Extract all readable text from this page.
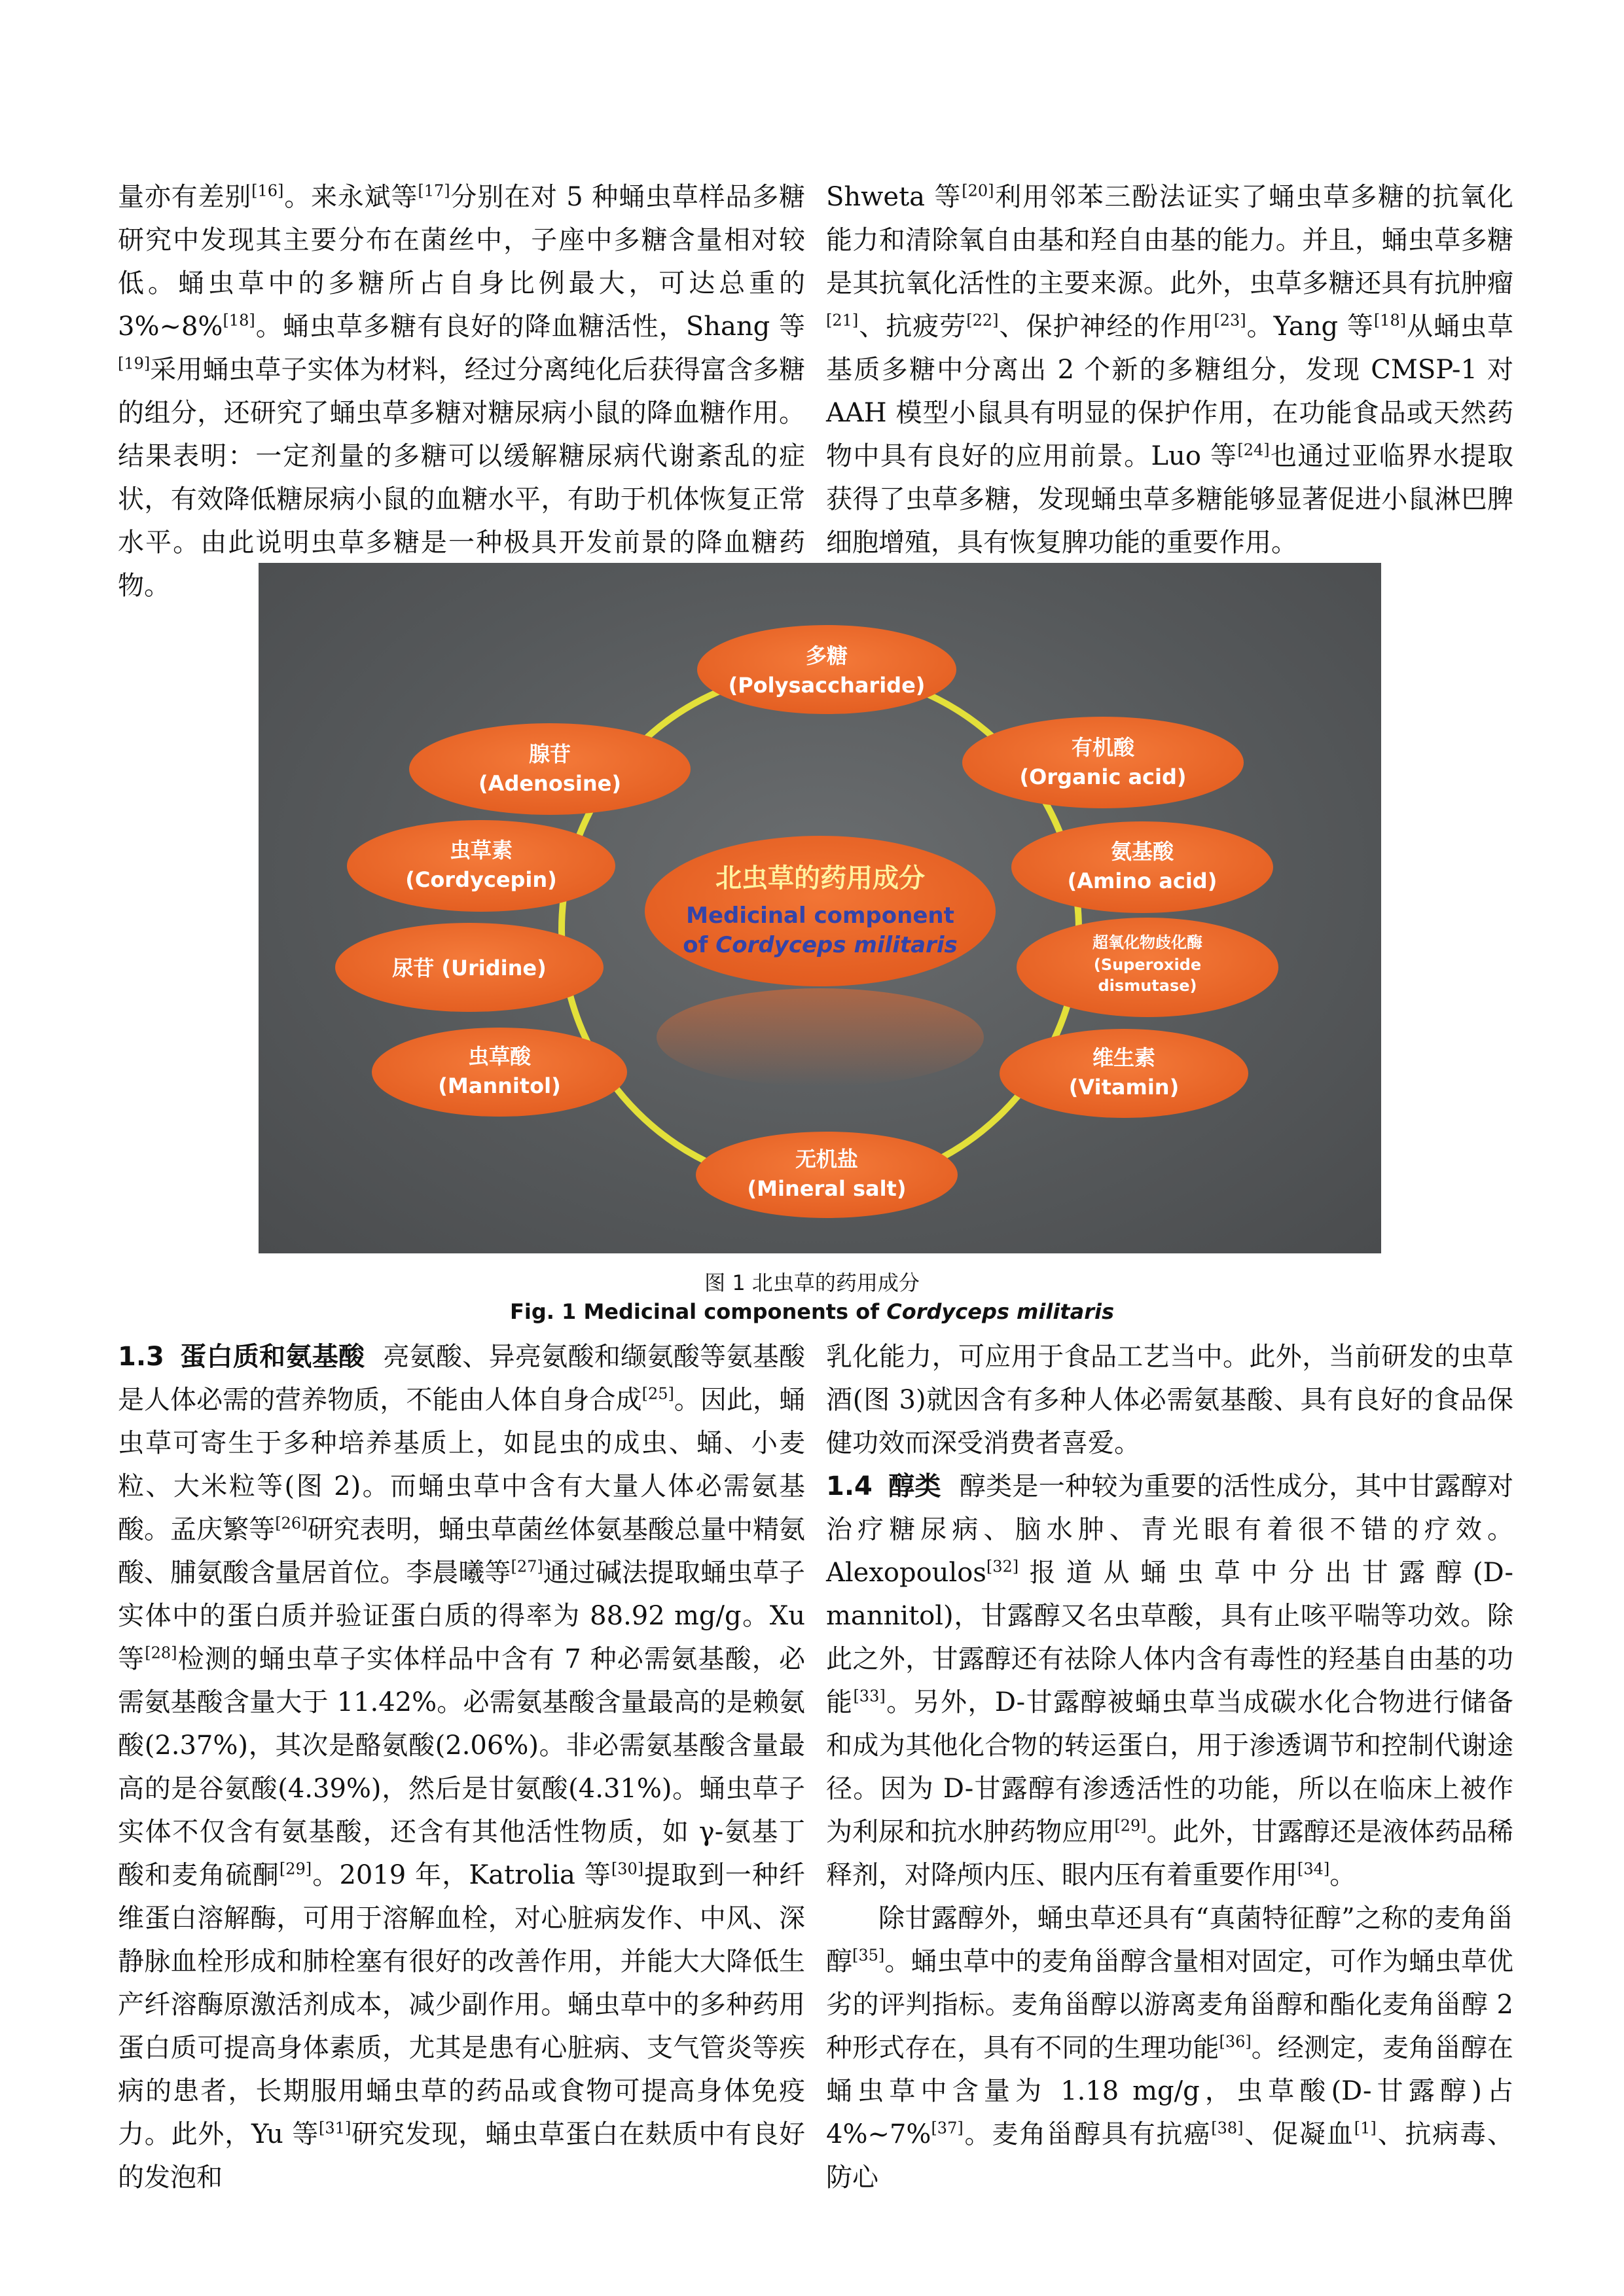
量亦有差别[16]。来永斌等[17]分别在对 5 种蛹虫草样品多糖研究中发现其主要分布在菌丝中，子座中多糖含量相对较低。蛹虫草中的多糖所占自身比例最大，可达总重的 3%~8%[18]。蛹虫草多糖有良好的降血糖活性，Shang 等[19]采用蛹虫草子实体为材料，经过分离纯化后获得富含多糖的组分，还研究了蛹虫草多糖对糖尿病小鼠的降血糖作用。结果表明：一定剂量的多糖可以缓解糖尿病代谢紊乱的症状，有效降低糖尿病小鼠的血糖水平，有助于机体恢复正常水平。由此说明虫草多糖是一种极具开发前景的降血糖药物。

Shweta 等[20]利用邻苯三酚法证实了蛹虫草多糖的抗氧化能力和清除氧自由基和羟自由基的能力。并且，蛹虫草多糖是其抗氧化活性的主要来源。此外，虫草多糖还具有抗肿瘤[21]、抗疲劳[22]、保护神经的作用[23]。Yang 等[18]从蛹虫草基质多糖中分离出 2 个新的多糖组分，发现 CMSP-1 对 AAH 模型小鼠具有明显的保护作用，在功能食品或天然药物中具有良好的应用前景。Luo 等[24]也通过亚临界水提取获得了虫草多糖，发现蛹虫草多糖能够显著促进小鼠淋巴脾细胞增殖，具有恢复脾功能的重要作用。

北虫草的药用成分
Medicinal component
of Cordyceps militaris
多糖
(Polysaccharide)
腺苷
(Adenosine)
有机酸
(Organic acid)
虫草素
(Cordycepin)
氨基酸
(Amino acid)
尿苷 (Uridine)
超氧化物歧化酶
(Superoxide
dismutase)
虫草酸
(Mannitol)
维生素
(Vitamin)
无机盐
(Mineral salt)
图 1 北虫草的药用成分
Fig. 1 Medicinal components of Cordyceps militaris

1.3 蛋白质和氨基酸 亮氨酸、异亮氨酸和缬氨酸等氨基酸是人体必需的营养物质，不能由人体自身合成[25]。因此，蛹虫草可寄生于多种培养基质上，如昆虫的成虫、蛹、小麦粒、大米粒等(图 2)。而蛹虫草中含有大量人体必需氨基酸。孟庆繁等[26]研究表明，蛹虫草菌丝体氨基酸总量中精氨酸、脯氨酸含量居首位。李晨曦等[27]通过碱法提取蛹虫草子实体中的蛋白质并验证蛋白质的得率为 88.92 mg/g。Xu 等[28]检测的蛹虫草子实体样品中含有 7 种必需氨基酸，必需氨基酸含量大于 11.42%。必需氨基酸含量最高的是赖氨酸(2.37%)，其次是酪氨酸(2.06%)。非必需氨基酸含量最高的是谷氨酸(4.39%)，然后是甘氨酸(4.31%)。蛹虫草子实体不仅含有氨基酸，还含有其他活性物质，如 γ-氨基丁酸和麦角硫酮[29]。2019 年，Katrolia 等[30]提取到一种纤维蛋白溶解酶，可用于溶解血栓，对心脏病发作、中风、深静脉血栓形成和肺栓塞有很好的改善作用，并能大大降低生产纤溶酶原激活剂成本，减少副作用。蛹虫草中的多种药用蛋白质可提高身体素质，尤其是患有心脏病、支气管炎等疾病的患者，长期服用蛹虫草的药品或食物可提高身体免疫力。此外，Yu 等[31]研究发现，蛹虫草蛋白在麸质中有良好的发泡和

乳化能力，可应用于食品工艺当中。此外，当前研发的虫草酒(图 3)就因含有多种人体必需氨基酸、具有良好的食品保健功效而深受消费者喜爱。

1.4 醇类 醇类是一种较为重要的活性成分，其中甘露醇对治疗糖尿病、脑水肿、青光眼有着很不错的疗效。Alexopoulos[32]报道从蛹虫草中分出甘露醇(D-mannitol)，甘露醇又名虫草酸，具有止咳平喘等功效。除此之外，甘露醇还有祛除人体内含有毒性的羟基自由基的功能[33]。另外，D-甘露醇被蛹虫草当成碳水化合物进行储备和成为其他化合物的转运蛋白，用于渗透调节和控制代谢途径。因为 D-甘露醇有渗透活性的功能，所以在临床上被作为利尿和抗水肿药物应用[29]。此外，甘露醇还是液体药品稀释剂，对降颅内压、眼内压有着重要作用[34]。

除甘露醇外，蛹虫草还具有“真菌特征醇”之称的麦角甾醇[35]。蛹虫草中的麦角甾醇含量相对固定，可作为蛹虫草优劣的评判指标。麦角甾醇以游离麦角甾醇和酯化麦角甾醇 2 种形式存在，具有不同的生理功能[36]。经测定，麦角甾醇在蛹虫草中含量为 1.18 mg/g，虫草酸(D-甘露醇)占 4%~7%[37]。麦角甾醇具有抗癌[38]、促凝血[1]、抗病毒、防心
